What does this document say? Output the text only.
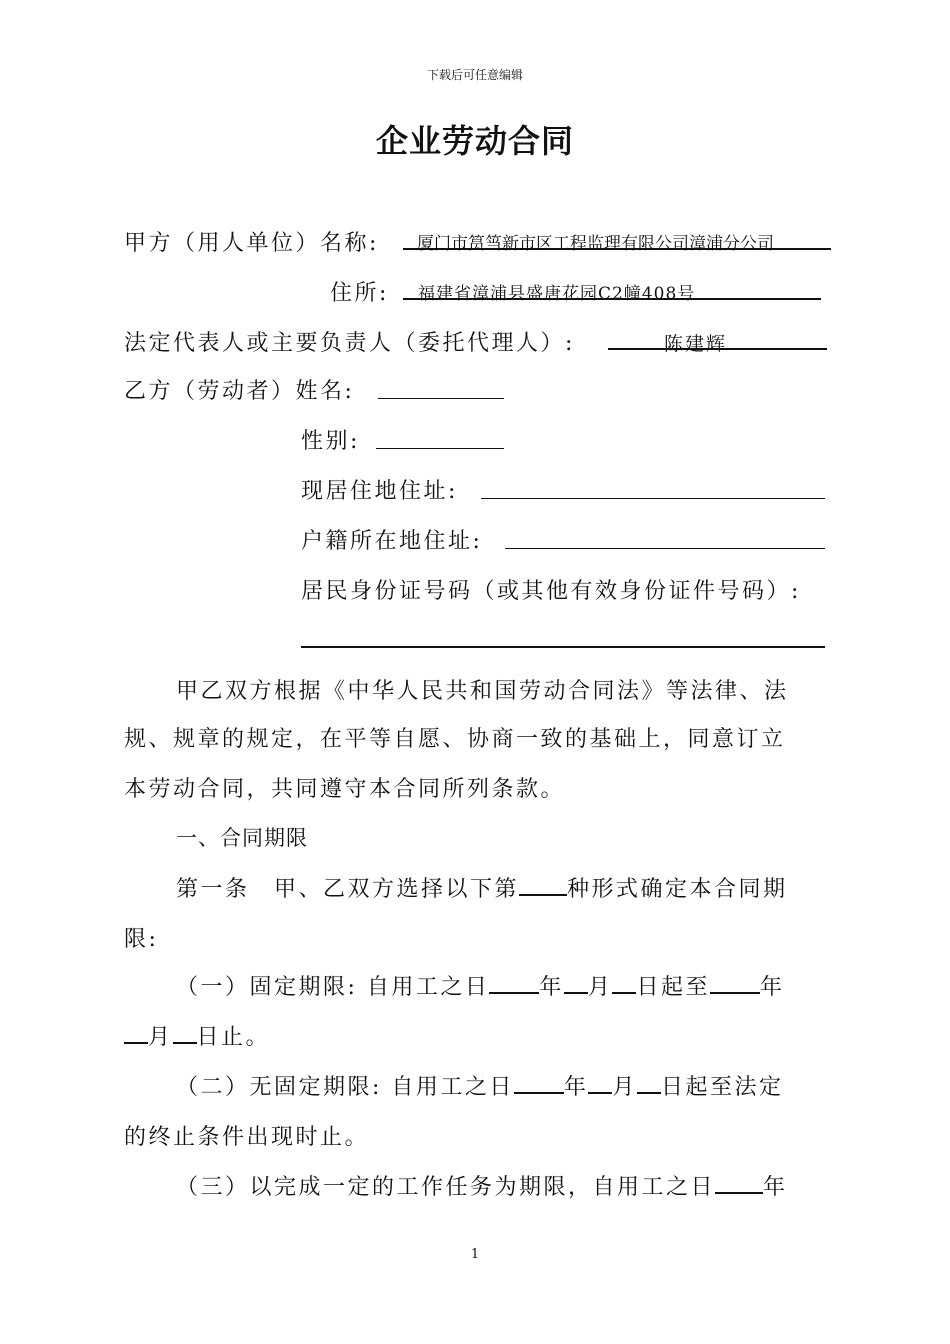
下载后可任意编辑
企业劳动合同
甲方（用人单位）名称: 厦门市筼筜新市区工程监理有限公司漳浦分公司
住所: 福建省漳浦县盛唐花园C2幢408号
法定代表人或主要负责人（委托代理人）:	陈建辉
乙方（劳动者）姓名:
性别:
现居住地住址:
户籍所在地住址:
居民身份证号码（或其他有效身份证件号码）:
甲乙双方根据《中华人民共和国劳动合同法》等法律、法
规、规章的规定，在平等自愿、协商一致的基础上，同意订立
本劳动合同，共同遵守本合同所列条款。
一、合同期限
第一条　甲、乙双方选择以下第 种形式确定本合同期
限:
（一）固定期限: 自用工之日 年 月 日起至 年
月 日止。
（二）无固定期限: 自用工之日 年 月 日起至法定
的终止条件出现时止。
（三）以完成一定的工作任务为期限，自用工之日 年
1
